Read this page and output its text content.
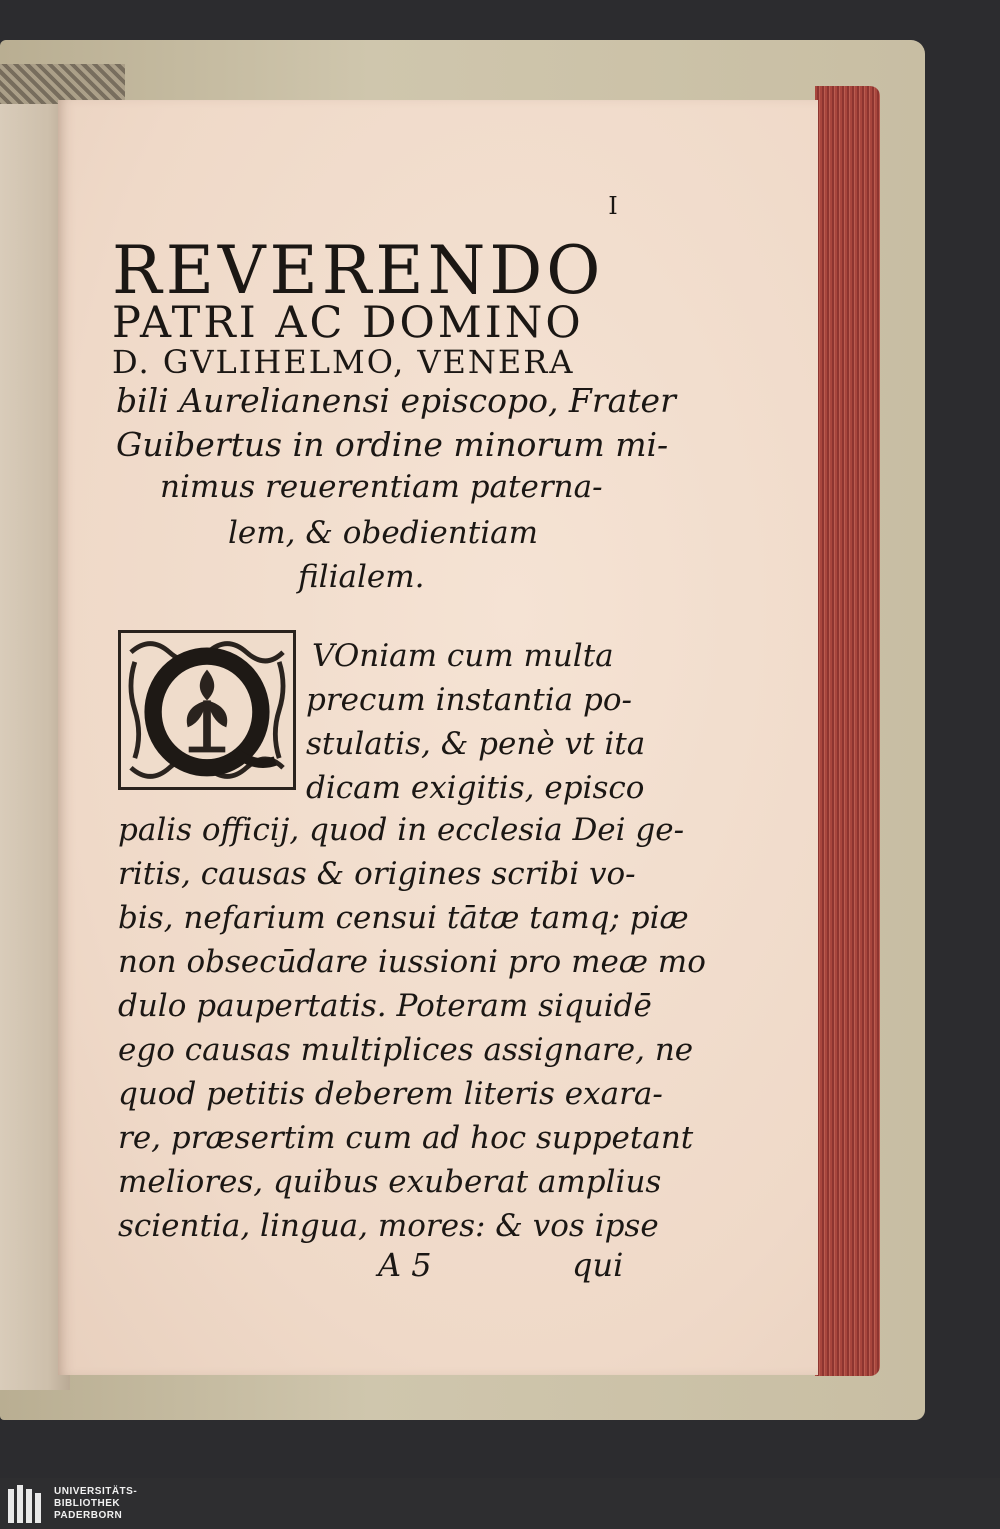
I
REVERENDO
PATRI AC DOMINO
D. GVLIHELMO, VENERA
bili Aurelianensi episcopo, Frater
Guibertus in ordine minorum mi-
nimus reuerentiam paterna-
lem, & obedientiam
filialem.
VOniam cum multa
precum instantia po-
stulatis, & penè vt ita
dicam exigitis, episco
palis officij, quod in ecclesia Dei ge-
ritis, causas & origines scribi vo-
bis, nefarium censui tātæ tamq; piæ
non obsecūdare iussioni pro meæ mo
dulo paupertatis. Poteram siquidē
ego causas multiplices assignare, ne
quod petitis deberem literis exara-
re, præsertim cum ad hoc suppetant
meliores, quibus exuberat amplius
scientia, lingua, mores: & vos ipse
A 5	qui
UNIVERSITÄTS-
BIBLIOTHEK
PADERBORN
